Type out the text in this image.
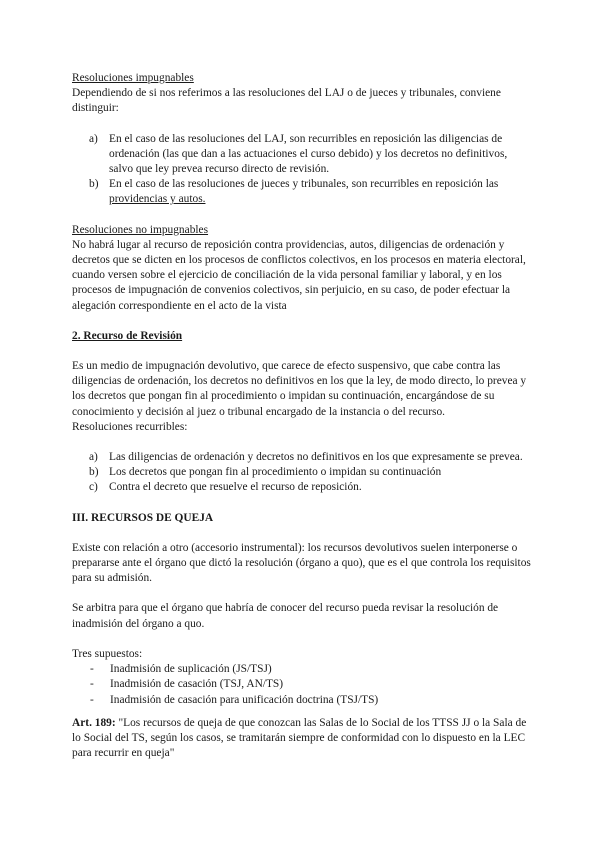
Resoluciones impugnables

Dependiendo de si nos referimos a las resoluciones del LAJ o de jueces y tribunales, conviene distinguir:

a) En el caso de las resoluciones del LAJ, son recurribles en reposición las diligencias de ordenación (las que dan a las actuaciones el curso debido) y los decretos no definitivos, salvo que ley prevea recurso directo de revisión.
b) En el caso de las resoluciones de jueces y tribunales, son recurribles en reposición las providencias y autos.

Resoluciones no impugnables

No habrá lugar al recurso de reposición contra providencias, autos, diligencias de ordenación y decretos que se dicten en los procesos de conflictos colectivos, en los procesos en materia electoral, cuando versen sobre el ejercicio de conciliación de la vida personal familiar y laboral, y en los procesos de impugnación de convenios colectivos, sin perjuicio, en su caso, de poder efectuar la alegación correspondiente en el acto de la vista

2. Recurso de Revisión

Es un medio de impugnación devolutivo, que carece de efecto suspensivo, que cabe contra las diligencias de ordenación, los decretos no definitivos en los que la ley, de modo directo, lo prevea y los decretos que pongan fin al procedimiento o impidan su continuación, encargándose de su conocimiento y decisión al juez o tribunal encargado de la instancia o del recurso.

Resoluciones recurribles:

a) Las diligencias de ordenación y decretos no definitivos en los que expresamente se prevea.
b) Los decretos que pongan fin al procedimiento o impidan su continuación
c) Contra el decreto que resuelve el recurso de reposición.

III. RECURSOS DE QUEJA

Existe con relación a otro (accesorio instrumental): los recursos devolutivos suelen interponerse o prepararse ante el órgano que dictó la resolución (órgano a quo), que es el que controla los requisitos para su admisión.

Se arbitra para que el órgano que habría de conocer del recurso pueda revisar la resolución de inadmisión del órgano a quo.

Tres supuestos:

- Inadmisión de suplicación (JS/TSJ)
- Inadmisión de casación (TSJ, AN/TS)
- Inadmisión de casación para unificación doctrina (TSJ/TS)

Art. 189: "Los recursos de queja de que conozcan las Salas de lo Social de los TTSS JJ o la Sala de lo Social del TS, según los casos, se tramitarán siempre de conformidad con lo dispuesto en la LEC para recurrir en queja"
